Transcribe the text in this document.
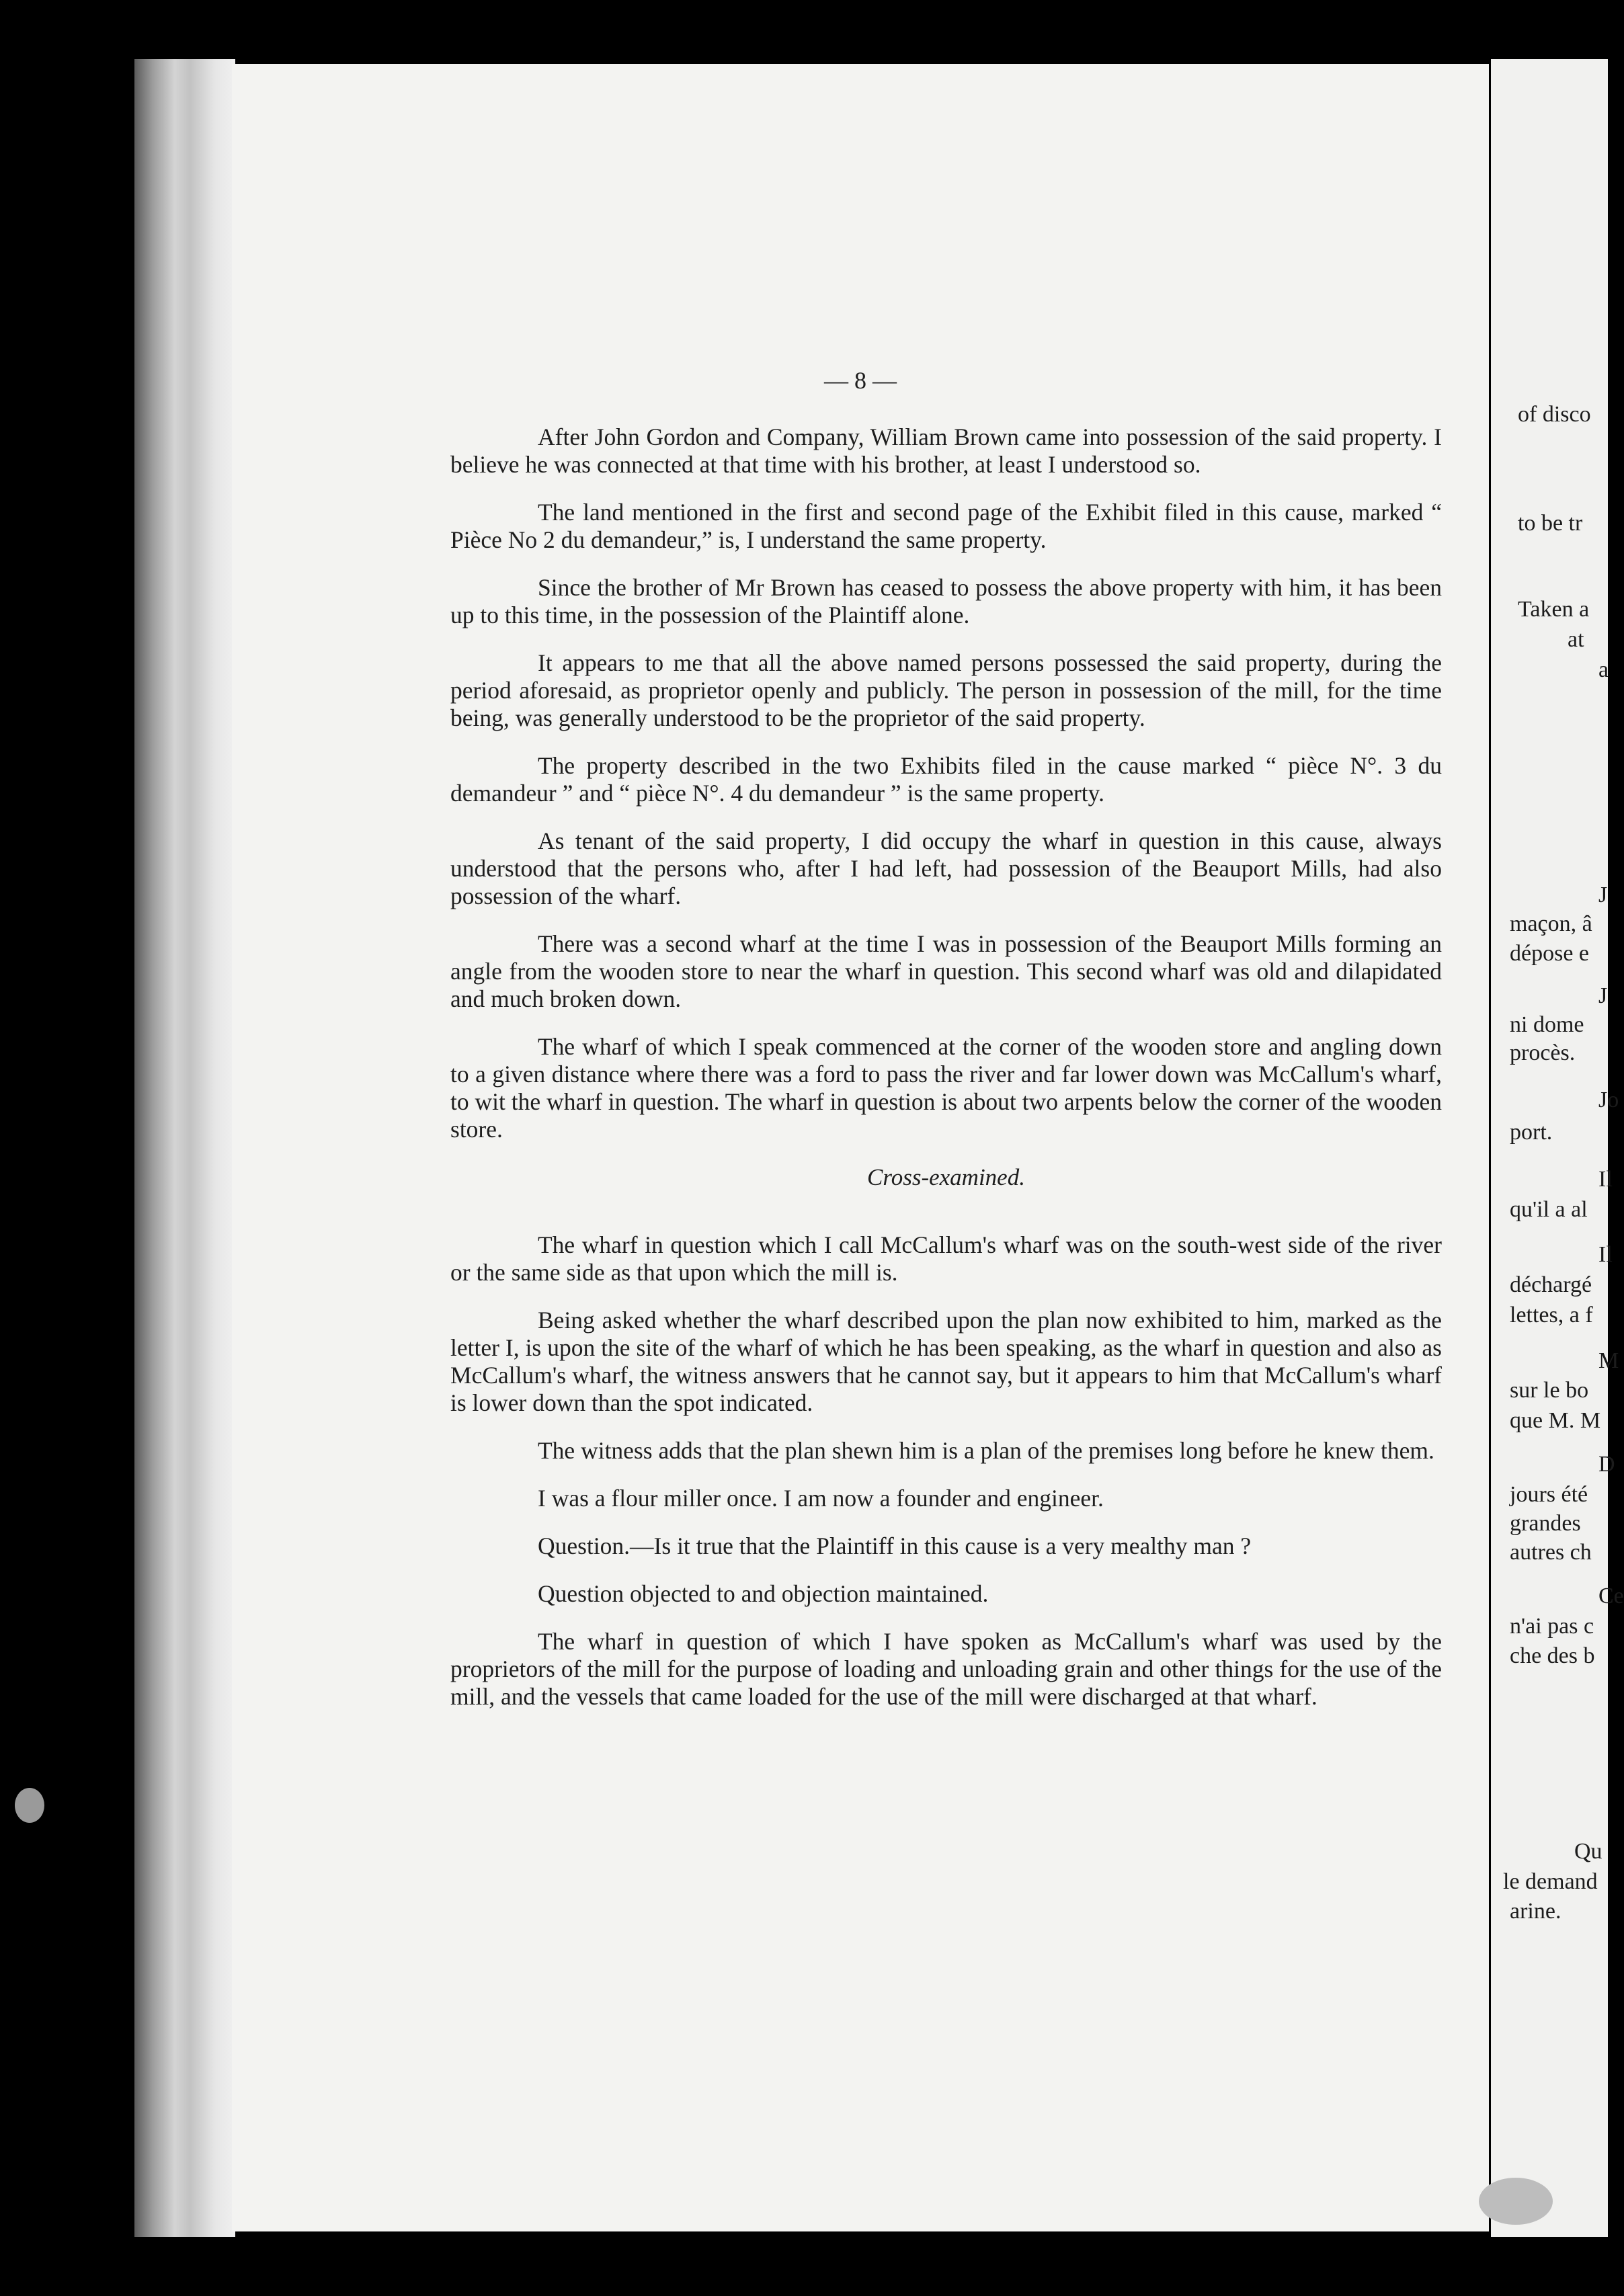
— 8 —

After John Gordon and Company, William Brown came into possession of the said property. I believe he was connected at that time with his brother, at least I understood so.

The land mentioned in the first and second page of the Exhibit filed in this cause, marked “ Pièce No 2 du demandeur,” is, I understand the same property.

Since the brother of Mr Brown has ceased to possess the above property with him, it has been up to this time, in the possession of the Plaintiff alone.

It appears to me that all the above named persons possessed the said property, during the period aforesaid, as proprietor openly and publicly. The person in possession of the mill, for the time being, was generally understood to be the proprietor of the said property.

The property described in the two Exhibits filed in the cause marked “ pièce N°. 3 du demandeur ” and “ pièce N°. 4 du demandeur ” is the same property.

As tenant of the said property, I did occupy the wharf in question in this cause, always understood that the persons who, after I had left, had possession of the Beauport Mills, had also possession of the wharf.

There was a second wharf at the time I was in possession of the Beauport Mills forming an angle from the wooden store to near the wharf in question. This second wharf was old and dilapidated and much broken down.

The wharf of which I speak commenced at the corner of the wooden store and angling down to a given distance where there was a ford to pass the river and far lower down was McCallum's wharf, to wit the wharf in question. The wharf in question is about two arpents below the corner of the wooden store.

Cross-examined.

The wharf in question which I call McCallum's wharf was on the south-west side of the river or the same side as that upon which the mill is.

Being asked whether the wharf described upon the plan now exhibited to him, marked as the letter I, is upon the site of the wharf of which he has been speaking, as the wharf in question and also as McCallum's wharf, the witness answers that he cannot say, but it appears to him that McCallum's wharf is lower down than the spot indicated.

The witness adds that the plan shewn him is a plan of the premises long before he knew them.

I was a flour miller once. I am now a founder and engineer.

Question.—Is it true that the Plaintiff in this cause is a very mealthy man ?

Question objected to and objection maintained.

The wharf in question of which I have spoken as McCallum's wharf was used by the proprietors of the mill for the purpose of loading and unloading grain and other things for the use of the mill, and the vessels that came loaded for the use of the mill were discharged at that wharf.

of disco
to be tr
Taken a
at
a
J
maçon, â
dépose e
J
ni dome
procès.
Jo
port.
Il
qu'il a al
Il
déchargé
lettes, a f
M
sur le bo
que M. M
D
jours été
grandes
autres ch
Ce
n'ai pas c
che des b
Qu
le demand
arine.
